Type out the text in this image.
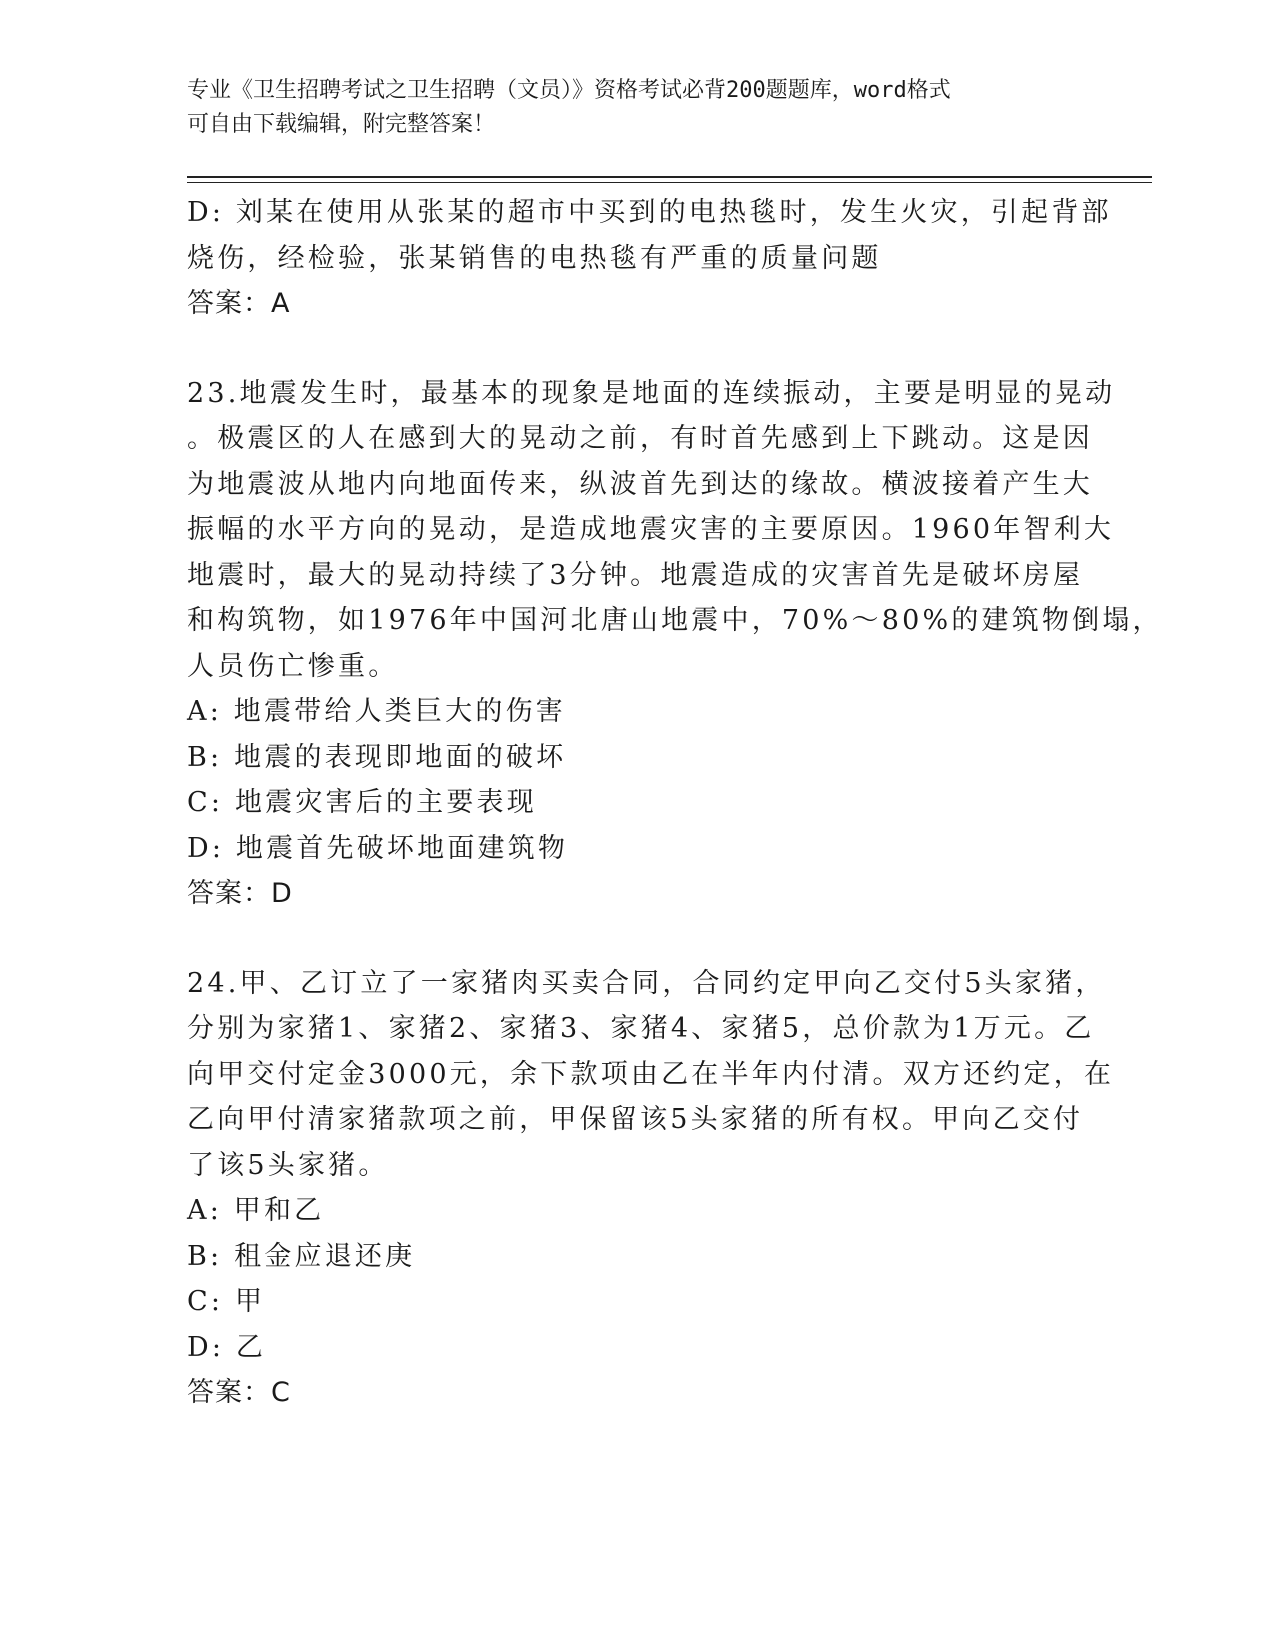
专业《卫生招聘考试之卫生招聘（文员）》资格考试必背200题题库，word格式
可自由下载编辑，附完整答案！
D: 刘某在使用从张某的超市中买到的电热毯时，发生火灾，引起背部
烧伤，经检验，张某销售的电热毯有严重的质量问题
答案：A
23.地震发生时，最基本的现象是地面的连续振动，主要是明显的晃动
。极震区的人在感到大的晃动之前，有时首先感到上下跳动。这是因
为地震波从地内向地面传来，纵波首先到达的缘故。横波接着产生大
振幅的水平方向的晃动，是造成地震灾害的主要原因。1960年智利大
地震时，最大的晃动持续了3分钟。地震造成的灾害首先是破坏房屋
和构筑物，如1976年中国河北唐山地震中，70%～80%的建筑物倒塌，
人员伤亡惨重。
A: 地震带给人类巨大的伤害
B: 地震的表现即地面的破坏
C: 地震灾害后的主要表现
D: 地震首先破坏地面建筑物
答案：D
24.甲、乙订立了一家猪肉买卖合同，合同约定甲向乙交付5头家猪，
分别为家猪1、家猪2、家猪3、家猪4、家猪5，总价款为1万元。乙
向甲交付定金3000元，余下款项由乙在半年内付清。双方还约定，在
乙向甲付清家猪款项之前，甲保留该5头家猪的所有权。甲向乙交付
了该5头家猪。
A: 甲和乙
B: 租金应退还庚
C: 甲
D: 乙
答案：C
